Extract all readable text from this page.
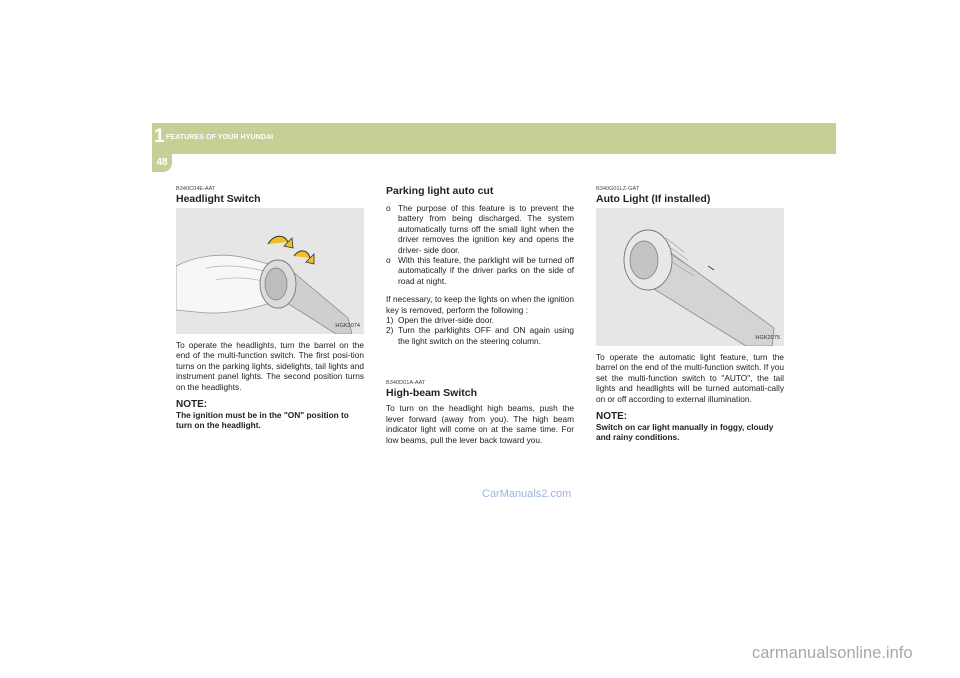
1 FEATURES OF YOUR HYUNDAI
48

B340C04E-AAT

Headlight Switch
HGK2074

To operate the headlights, turn the barrel on the end of the multi-function switch. The first posi-tion turns on the parking lights, sidelights, tail lights and instrument panel lights. The second position turns on the headlights.

NOTE:
The ignition must be in the "ON" position to turn on the headlight.
Parking light auto cut
o The purpose of this feature is to prevent the battery from being discharged. The system automatically turns off the small light when the driver removes the ignition key and opens the driver- side door.
o With this feature, the parklight will be turned off automatically if the driver parks on the side of road at night.

If necessary, to keep the lights on when the ignition key is removed, perform the following :

1) Open the driver-side door.
2) Turn the parklights OFF and ON again using the light switch on the steering column.

B340D01A-AAT

High-beam Switch

To turn on the headlight high beams, push the lever forward (away from you). The high beam indicator light will come on at the same time. For low beams, pull the lever back toward you.

B340G01LZ-GAT

Auto Light (If installed)
HGK2075

To operate the automatic light feature, turn the barrel on the end of the multi-function switch. If you set the multi-function switch to "AUTO", the tail lights and headlights will be turned automati-cally on or off according to external illumination.

NOTE:
Switch on car light manually in foggy, cloudy and rainy conditions.
CarManuals2.com
carmanualsonline.info
